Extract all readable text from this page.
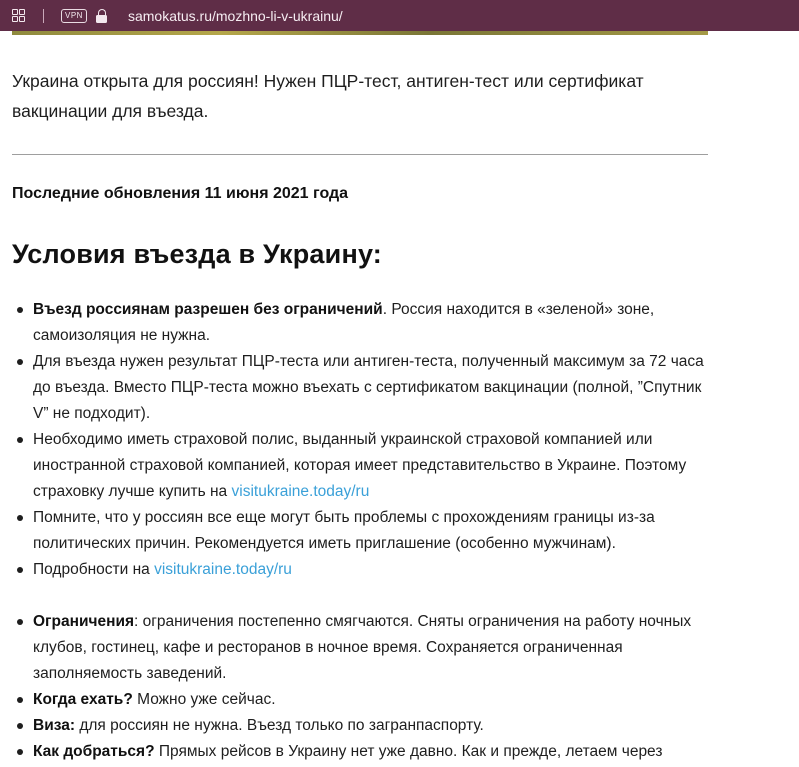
VPN	samokatus.ru/mozhno-li-v-ukrainu/
Украина открыта для россиян! Нужен ПЦР-тест, антиген-тест или сертификат вакцинации для въезда.
Последние обновления 11 июня 2021 года
Условия въезда в Украину:
Въезд россиянам разрешен без ограничений. Россия находится в «зеленой» зоне, самоизоляция не нужна.
Для въезда нужен результат ПЦР-теста или антиген-теста, полученный максимум за 72 часа до въезда. Вместо ПЦР-теста можно въехать с сертификатом вакцинации (полной, ”Спутник V” не подходит).
Необходимо иметь страховой полис, выданный украинской страховой компанией или иностранной страховой компанией, которая имеет представительство в Украине. Поэтому страховку лучше купить на visitukraine.today/ru
Помните, что у россиян все еще могут быть проблемы с прохождениям границы из-за политических причин. Рекомендуется иметь приглашение (особенно мужчинам).
Подробности на visitukraine.today/ru
Ограничения: ограничения постепенно смягчаются. Сняты ограничения на работу ночных клубов, гостинец, кафе и ресторанов в ночное время. Сохраняется ограниченная заполняемость заведений.
Когда ехать? Можно уже сейчас.
Виза: для россиян не нужна. Въезд только по загранпаспорту.
Как добраться? Прямых рейсов в Украину нет уже давно. Как и прежде, летаем через
